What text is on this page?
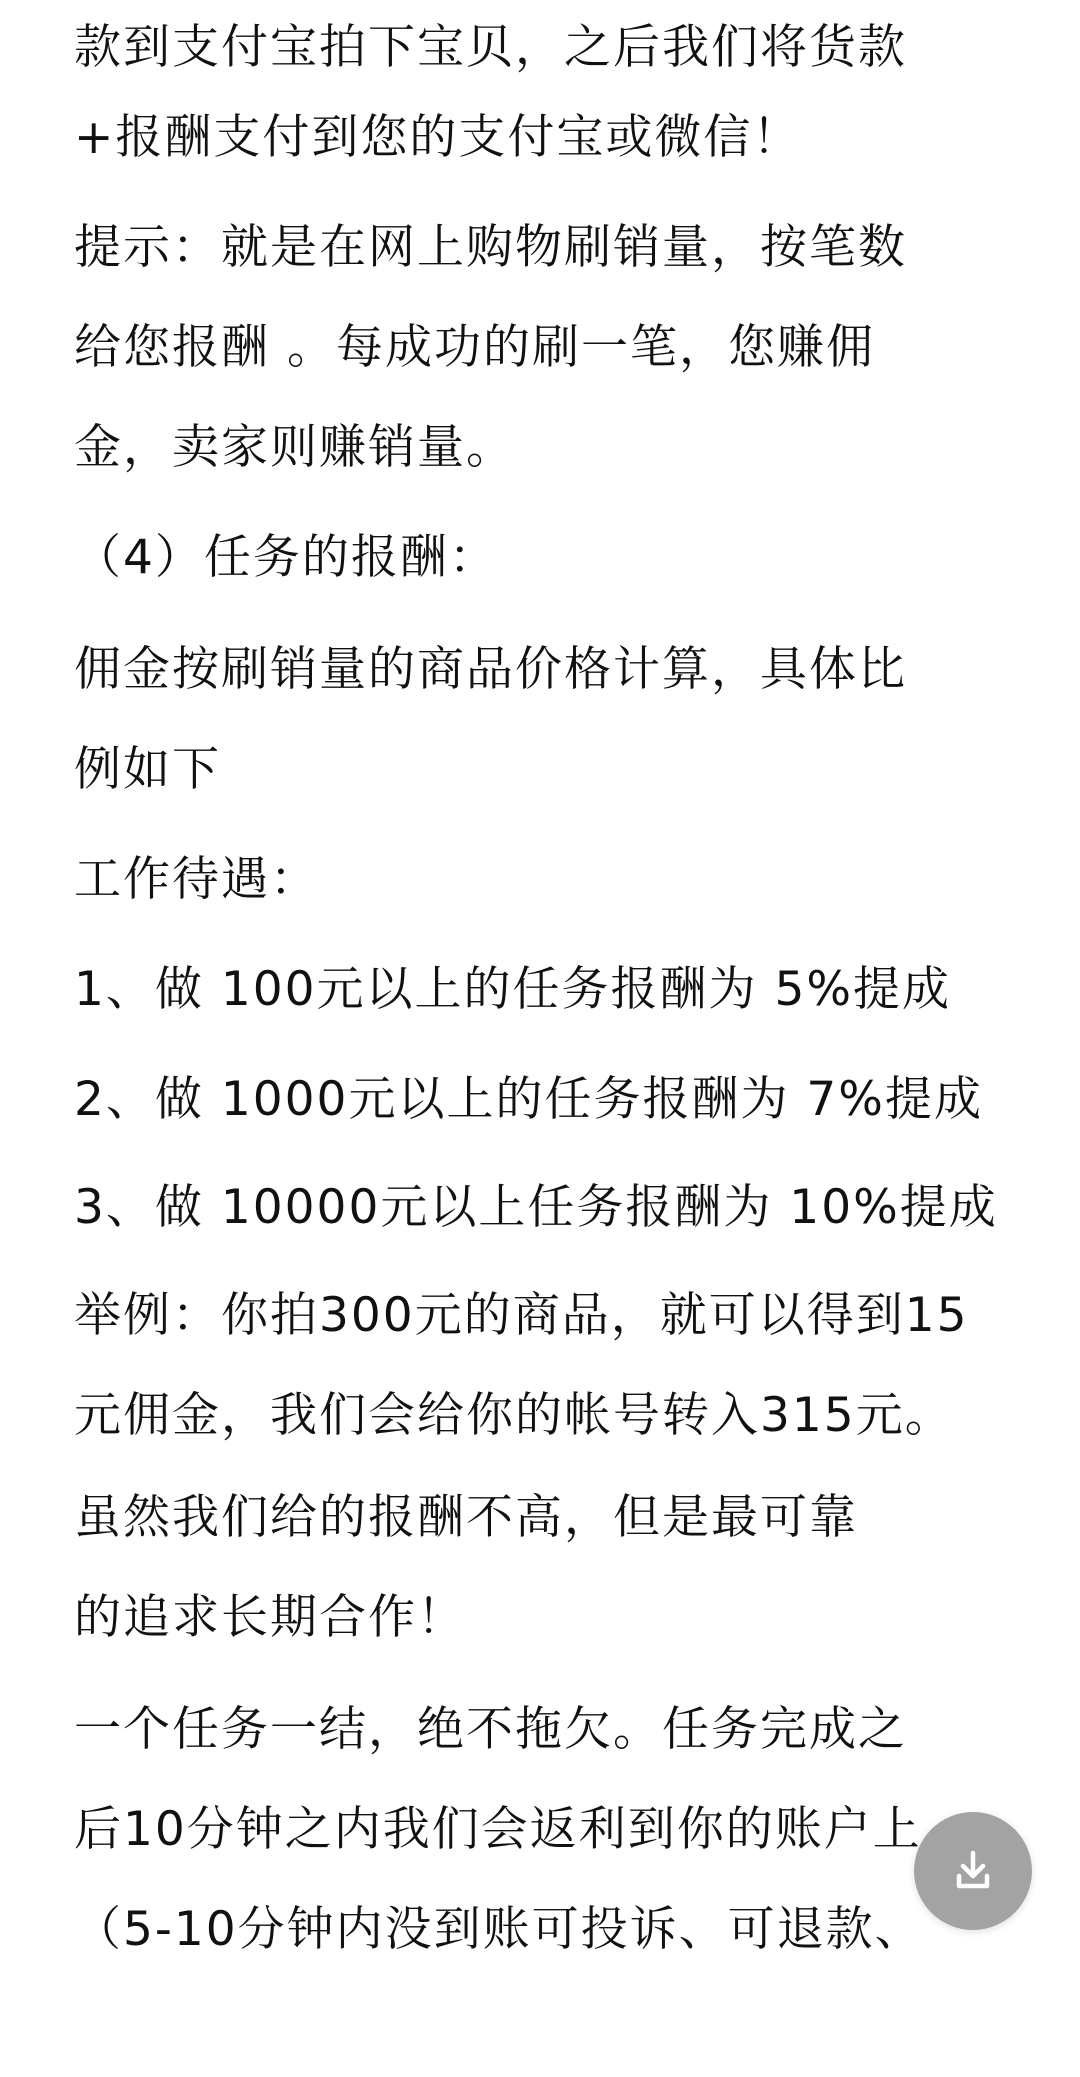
款到支付宝拍下宝贝，之后我们将货款
+报酬支付到您的支付宝或微信！
提示：就是在网上购物刷销量，按笔数
给您报酬 。每成功的刷一笔，您赚佣
金，卖家则赚销量。
（4）任务的报酬：
佣金按刷销量的商品价格计算，具体比
例如下
工作待遇：
1、做 100元以上的任务报酬为 5%提成
2、做 1000元以上的任务报酬为 7%提成
3、做 10000元以上任务报酬为 10%提成
举例：你拍300元的商品，就可以得到15
元佣金，我们会给你的帐号转入315元。
虽然我们给的报酬不高，但是最可靠
的追求长期合作！
一个任务一结，绝不拖欠。任务完成之
后10分钟之内我们会返利到你的账户上
（5-10分钟内没到账可投诉、可退款、
